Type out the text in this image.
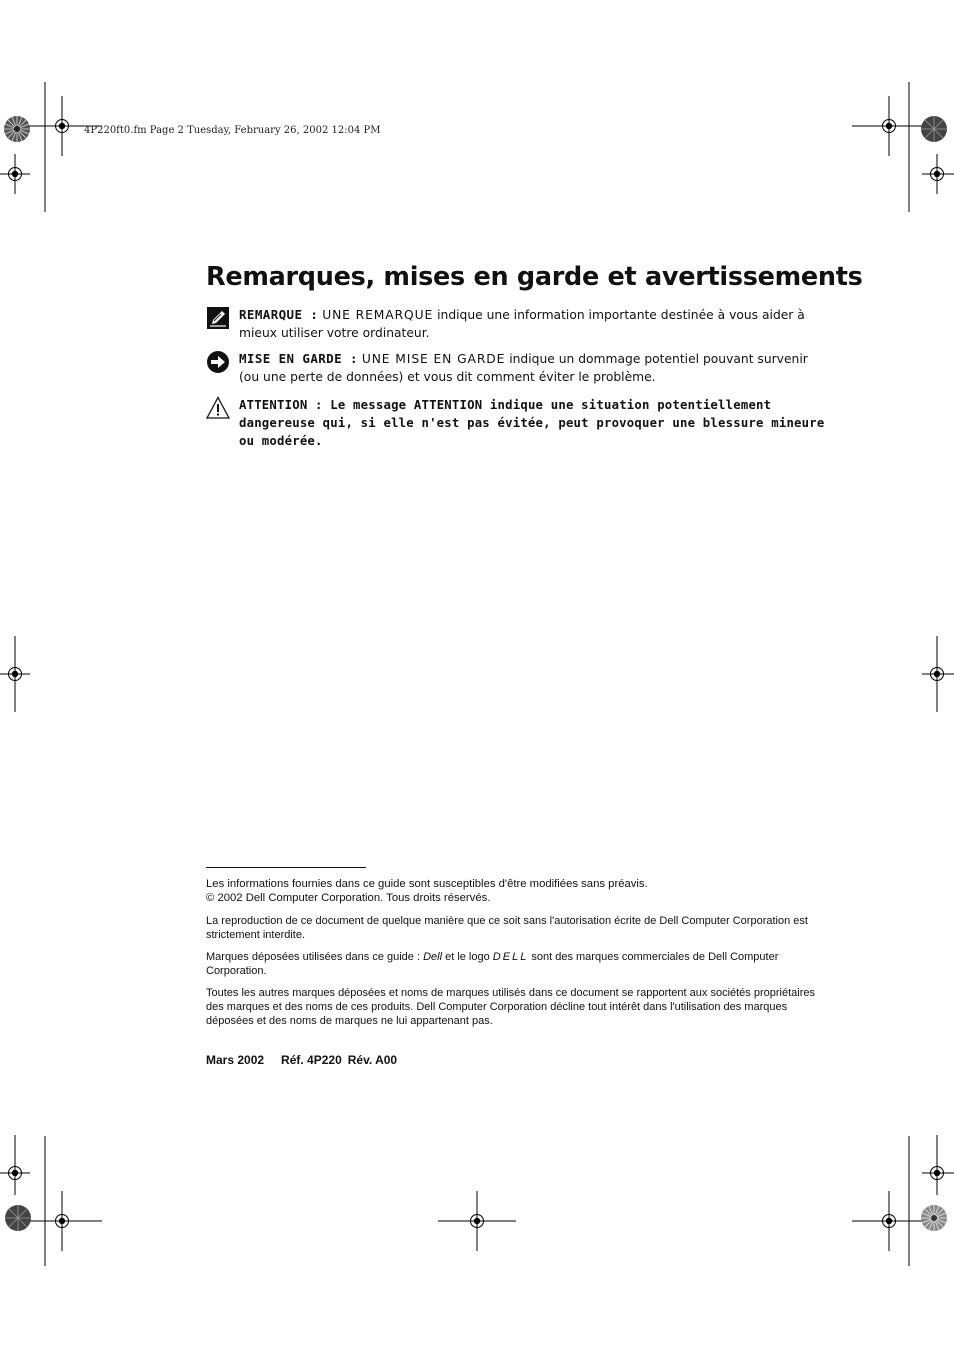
4P220ft0.fm Page 2 Tuesday, February 26, 2002 12:04 PM
Remarques, mises en garde et avertissements
REMARQUE : UNE REMARQUE indique une information importante destinée à vous aider à mieux utiliser votre ordinateur.
MISE EN GARDE : UNE MISE EN GARDE indique un dommage potentiel pouvant survenir (ou une perte de données) et vous dit comment éviter le problème.
ATTENTION : Le message ATTENTION indique une situation potentiellement dangereuse qui, si elle n'est pas évitée, peut provoquer une blessure mineure ou modérée.

Les informations fournies dans ce guide sont susceptibles d'être modifiées sans préavis.

© 2002 Dell Computer Corporation. Tous droits réservés.

La reproduction de ce document de quelque manière que ce soit sans l'autorisation écrite de Dell Computer Corporation est strictement interdite.

Marques déposées utilisées dans ce guide : Dell et le logo DELL sont des marques commerciales de Dell Computer Corporation.

Toutes les autres marques déposées et noms de marques utilisés dans ce document se rapportent aux sociétés propriétaires des marques et des noms de ces produits. Dell Computer Corporation décline tout intérêt dans l'utilisation des marques déposées et des noms de marques ne lui appartenant pas.

Mars 2002 Réf. 4P220 Rév. A00
